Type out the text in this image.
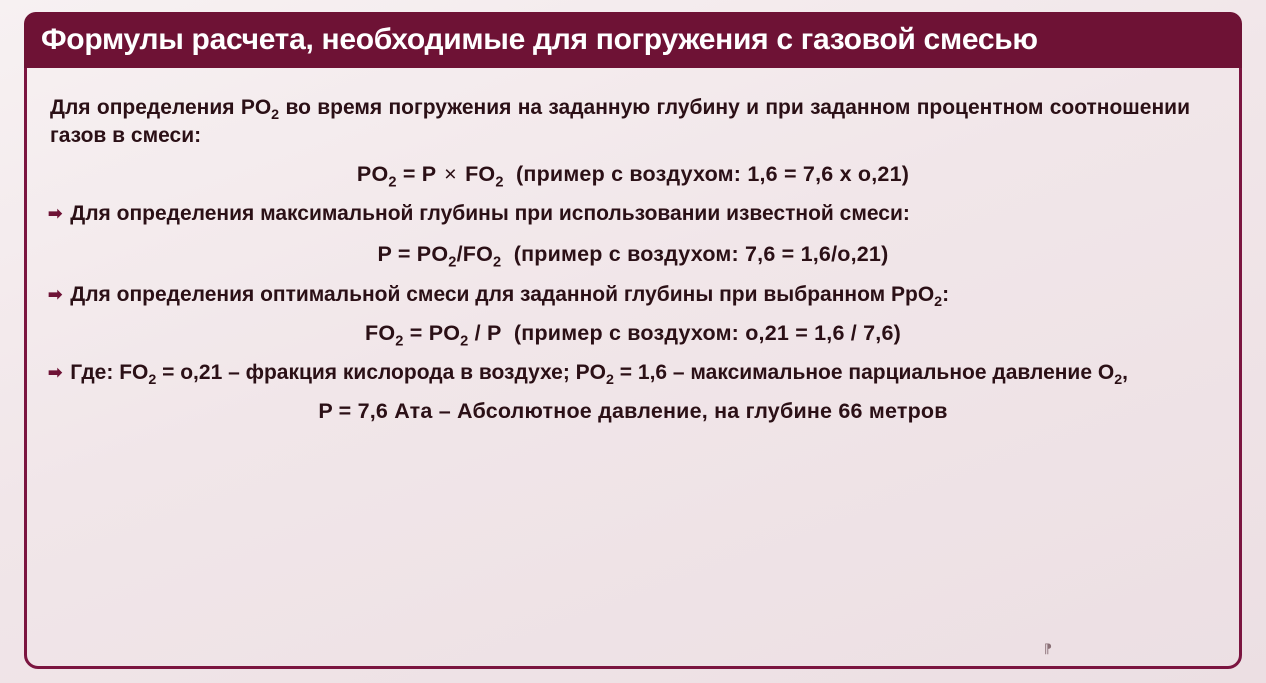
Формулы расчета, необходимые для погружения с газовой смесью

Для определения $PO_2$ во время погружения на заданную глубину и при заданном процентном соотношении газов в смеси:

$PO_2 = P \times FO_2$  (пример с воздухом: 1,6 = 7,6 х о,21)
➡ Для определения максимальной глубины при использовании известной смеси:
$P = PO_2/FO_2$  (пример с воздухом: 7,6 = 1,6/о,21)
➡ Для определения оптимальной смеси для заданной глубины при выбранном PpO$_2$:
$FO_2 = PO_2 / P$  (пример с воздухом: о,21 = 1,6 / 7,6)
➡ Где: $FO_2 = о,21$ – фракция кислорода в воздухе; $PO_2 = 1,6$ – максимальное парциальное давление $O_2$,
P = 7,6 Ата – Абсолютное давление, на глубине 66 метров
⁋
